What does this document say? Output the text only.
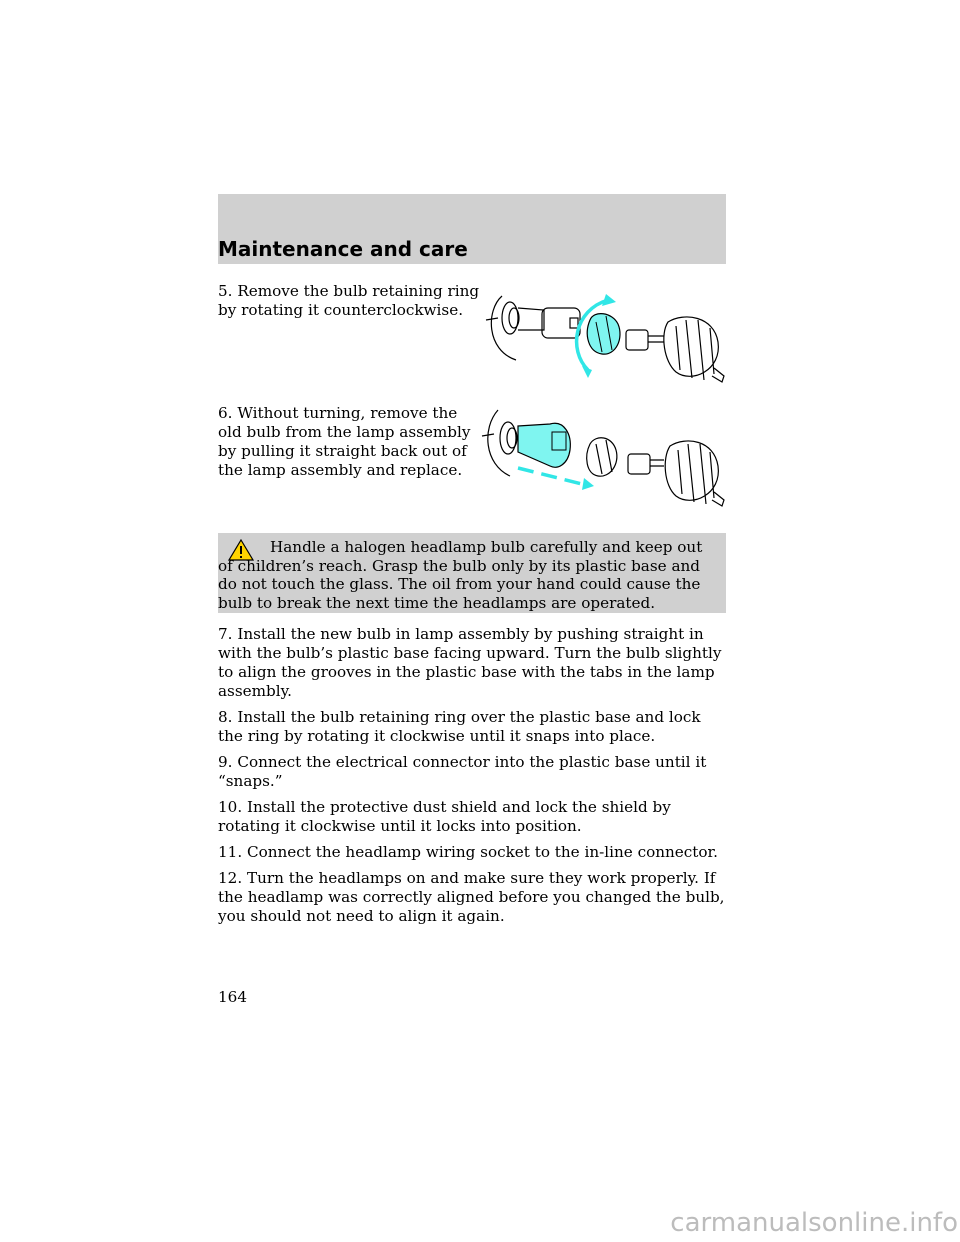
Maintenance and care
5. Remove the bulb retaining ring by rotating it counterclockwise.
6. Without turning, remove the old bulb from the lamp assembly by pulling it straight back out of the lamp assembly and replace.
Handle a halogen headlamp bulb carefully and keep out of children’s reach. Grasp the bulb only by its plastic base and do not touch the glass. The oil from your hand could cause the bulb to break the next time the headlamps are operated.

7. Install the new bulb in lamp assembly by pushing straight in with the bulb’s plastic base facing upward. Turn the bulb slightly to align the grooves in the plastic base with the tabs in the lamp assembly.

8. Install the bulb retaining ring over the plastic base and lock the ring by rotating it clockwise until it snaps into place.

9. Connect the electrical connector into the plastic base until it “snaps.”

10. Install the protective dust shield and lock the shield by rotating it clockwise until it locks into position.

11. Connect the headlamp wiring socket to the in-line connector.

12. Turn the headlamps on and make sure they work properly. If the headlamp was correctly aligned before you changed the bulb, you should not need to align it again.

164
carmanualsonline.info
